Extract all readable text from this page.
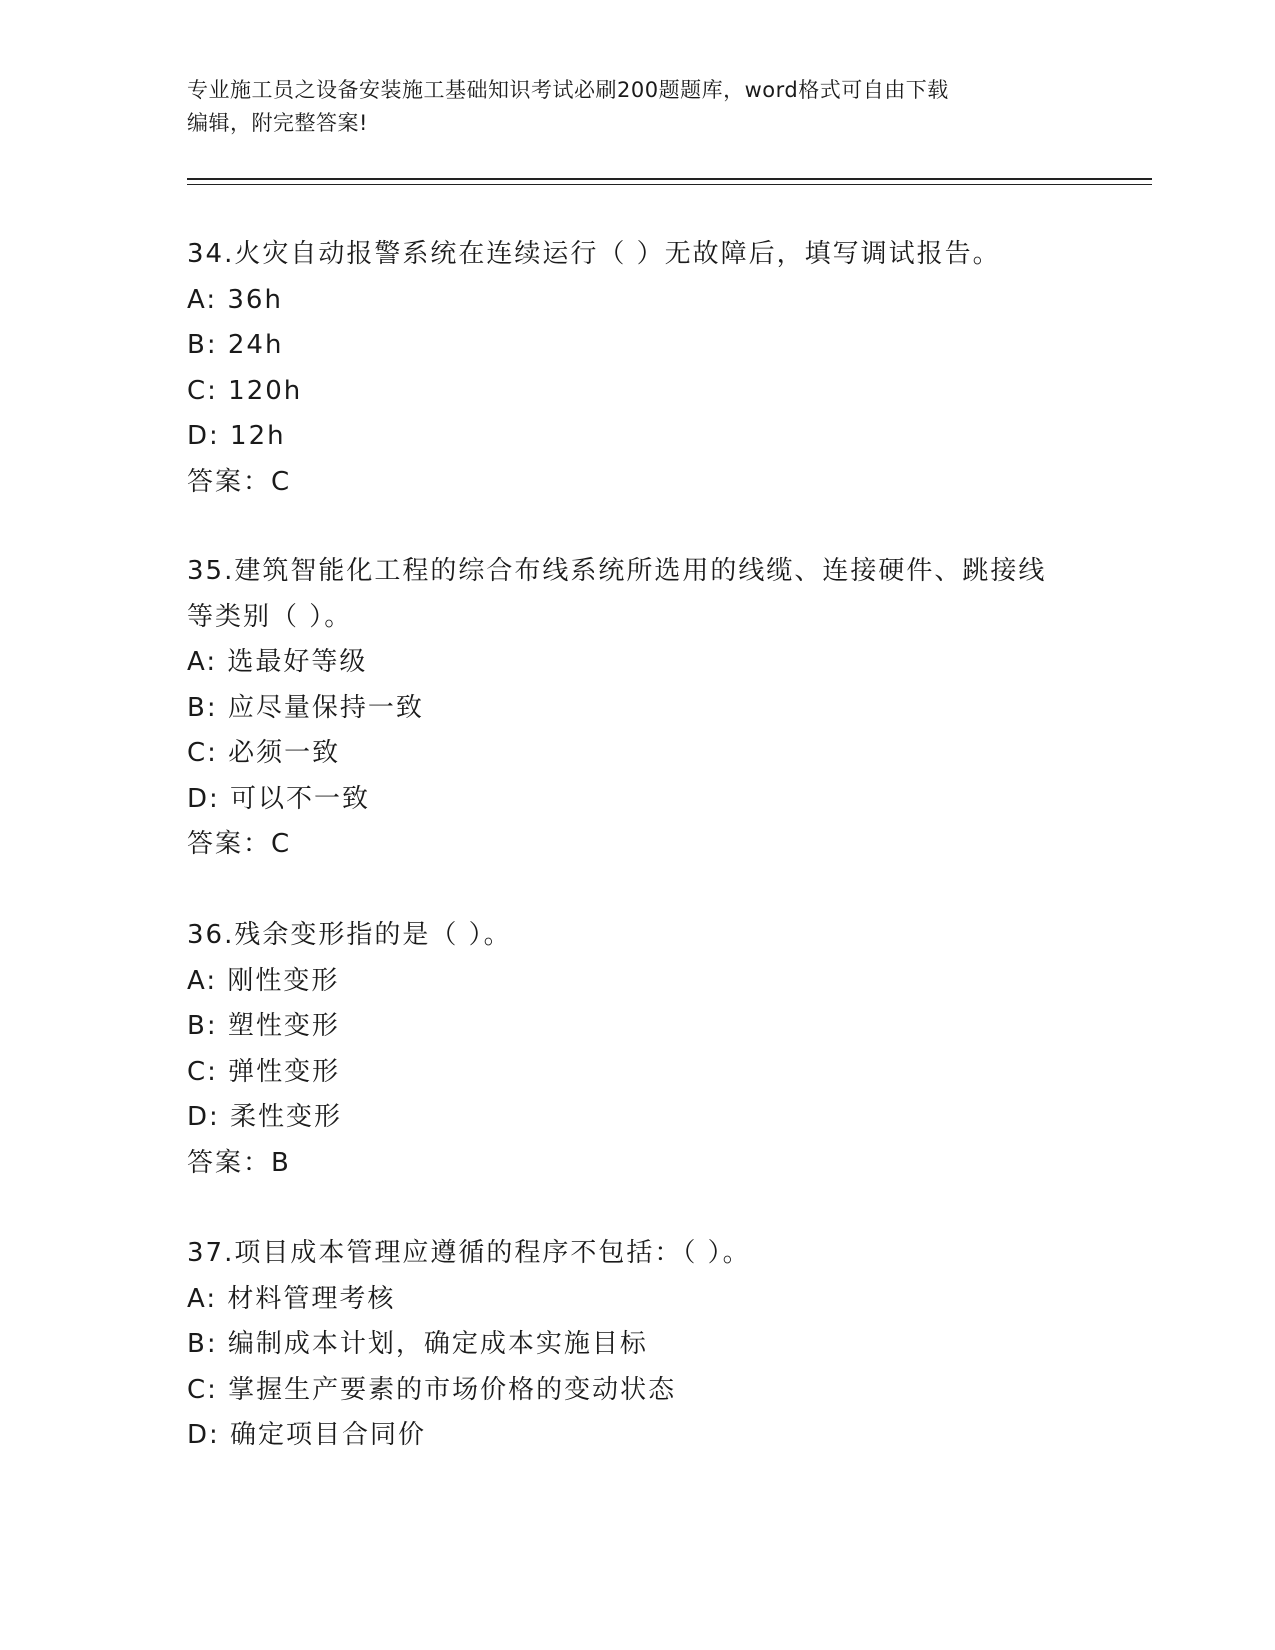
专业施工员之设备安装施工基础知识考试必刷200题题库，word格式可自由下载
编辑，附完整答案!
34.火灾自动报警系统在连续运行（ ）无故障后，填写调试报告。
A: 36h
B: 24h
C: 120h
D: 12h
答案：C
35.建筑智能化工程的综合布线系统所选用的线缆、连接硬件、跳接线
等类别（ ）。
A: 选最好等级
B: 应尽量保持一致
C: 必须一致
D: 可以不一致
答案：C
36.残余变形指的是（ ）。
A: 刚性变形
B: 塑性变形
C: 弹性变形
D: 柔性变形
答案：B
37.项目成本管理应遵循的程序不包括：（ ）。
A: 材料管理考核
B: 编制成本计划，确定成本实施目标
C: 掌握生产要素的市场价格的变动状态
D: 确定项目合同价
